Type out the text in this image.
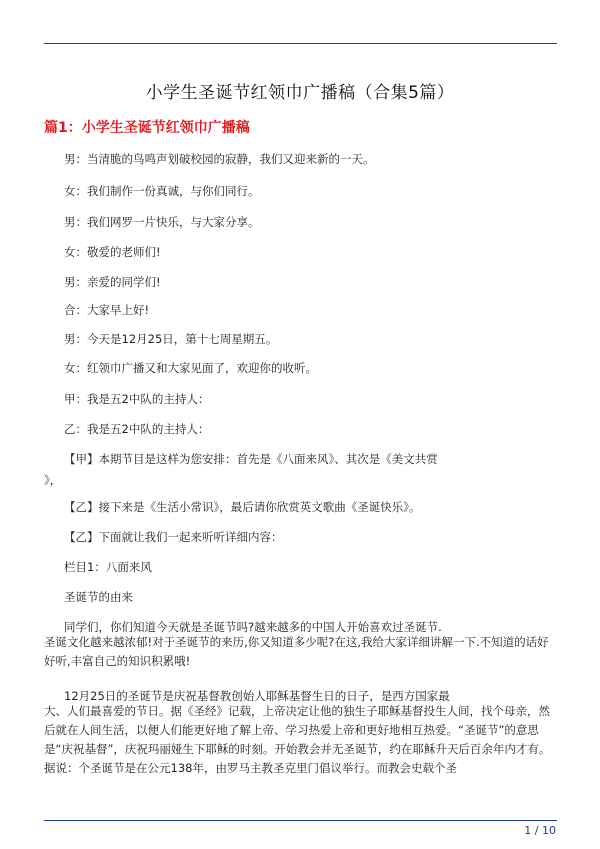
小学生圣诞节红领巾广播稿（合集5篇）
篇1：小学生圣诞节红领巾广播稿
男：当清脆的鸟鸣声划破校园的寂静，我们又迎来新的一天。
女：我们制作一份真诚，与你们同行。
男：我们网罗一片快乐，与大家分享。
女：敬爱的老师们!
男：亲爱的同学们!
合：大家早上好!
男：今天是12月25日，第十七周星期五。
女：红领巾广播又和大家见面了，欢迎你的收听。
甲：我是五2中队的主持人：
乙：我是五2中队的主持人：
【甲】本期节目是这样为您安排：首先是《八面来风》、其次是《美文共赏
》，
【乙】接下来是《生活小常识》，最后请你欣赏英文歌曲《圣诞快乐》。
【乙】下面就让我们一起来听听详细内容：
栏目1：八面来风
圣诞节的由来
同学们，你们知道今天就是圣诞节吗?越来越多的中国人开始喜欢过圣诞节.
圣诞文化越来越浓郁!对于圣诞节的来历,你又知道多少呢?在这,我给大家详细讲解一下.不知道的话好好听,丰富自己的知识积累哦!
12月25日的圣诞节是庆祝基督教创始人耶稣基督生日的日子，是西方国家最
大、人们最喜爱的节日。据《圣经》记载，上帝决定让他的独生子耶稣基督投生人间，找个母亲，然后就在人间生活，以便人们能更好地了解上帝、学习热爱上帝和更好地相互热爱。“圣诞节”的意思是“庆祝基督”，庆祝玛丽娅生下耶稣的时刻。开始教会并无圣诞节，约在耶稣升天后百余年内才有。据说：个圣诞节是在公元138年，由罗马主教圣克里门倡议举行。而教会史载个圣
1 / 10
